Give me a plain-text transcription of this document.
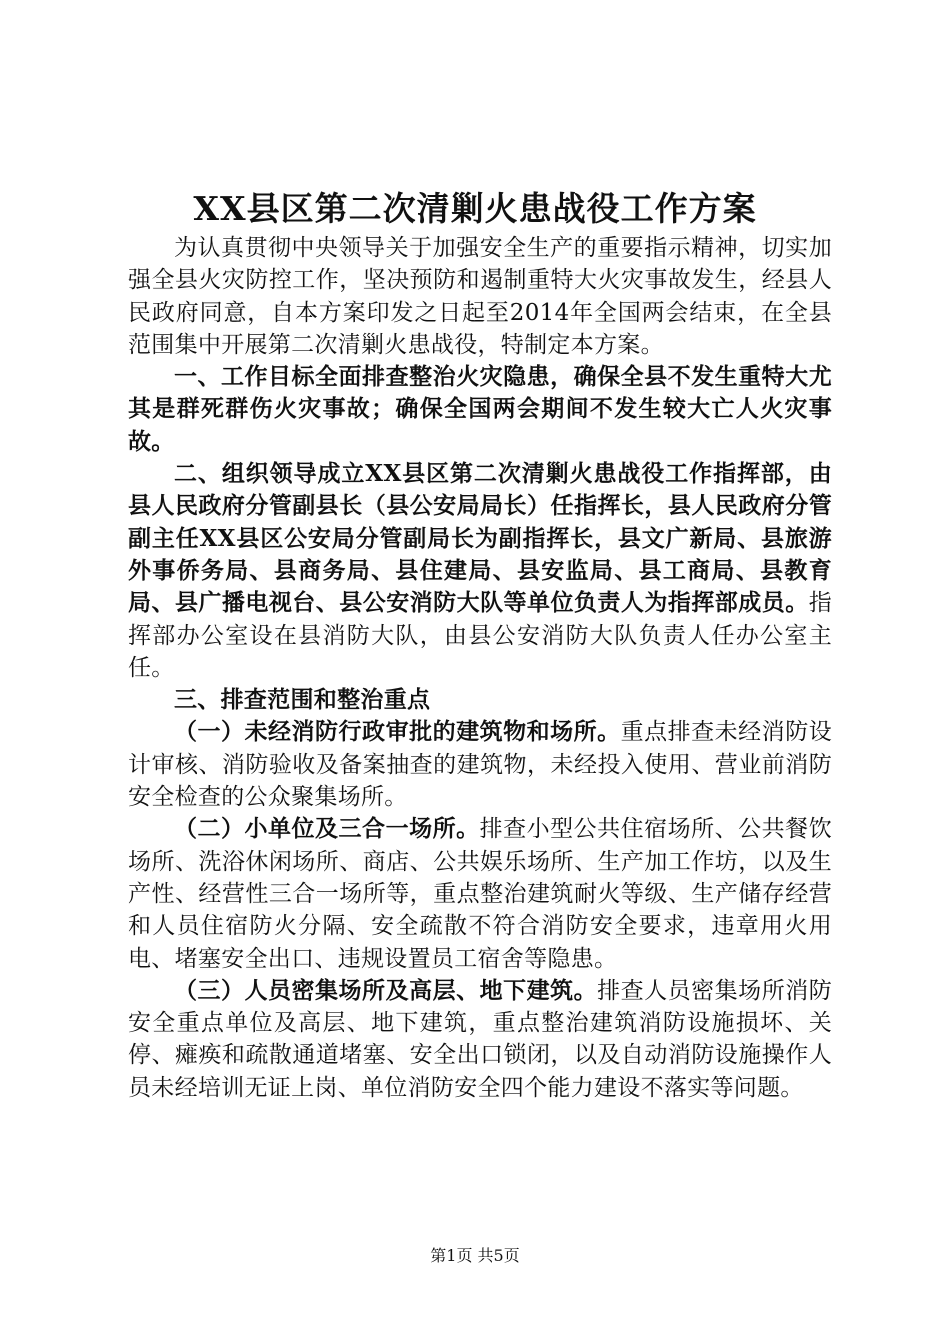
XX县区第二次清剿火患战役工作方案

为认真贯彻中央领导关于加强安全生产的重要指示精神，切实加强全县火灾防控工作，坚决预防和遏制重特大火灾事故发生，经县人民政府同意，自本方案印发之日起至2014年全国两会结束，在全县范围集中开展第二次清剿火患战役，特制定本方案。

一、工作目标全面排查整治火灾隐患，确保全县不发生重特大尤其是群死群伤火灾事故；确保全国两会期间不发生较大亡人火灾事故。

二、组织领导成立XX县区第二次清剿火患战役工作指挥部，由县人民政府分管副县长（县公安局局长）任指挥长，县人民政府分管副主任XX县区公安局分管副局长为副指挥长，县文广新局、县旅游外事侨务局、县商务局、县住建局、县安监局、县工商局、县教育局、县广播电视台、县公安消防大队等单位负责人为指挥部成员。指挥部办公室设在县消防大队，由县公安消防大队负责人任办公室主任。

三、排查范围和整治重点

（一）未经消防行政审批的建筑物和场所。重点排查未经消防设计审核、消防验收及备案抽查的建筑物，未经投入使用、营业前消防安全检查的公众聚集场所。

（二）小单位及三合一场所。排查小型公共住宿场所、公共餐饮场所、洗浴休闲场所、商店、公共娱乐场所、生产加工作坊，以及生产性、经营性三合一场所等，重点整治建筑耐火等级、生产储存经营和人员住宿防火分隔、安全疏散不符合消防安全要求，违章用火用电、堵塞安全出口、违规设置员工宿舍等隐患。

（三）人员密集场所及高层、地下建筑。排查人员密集场所消防安全重点单位及高层、地下建筑，重点整治建筑消防设施损坏、关停、瘫痪和疏散通道堵塞、安全出口锁闭，以及自动消防设施操作人员未经培训无证上岗、单位消防安全四个能力建设不落实等问题。

第1页 共5页
